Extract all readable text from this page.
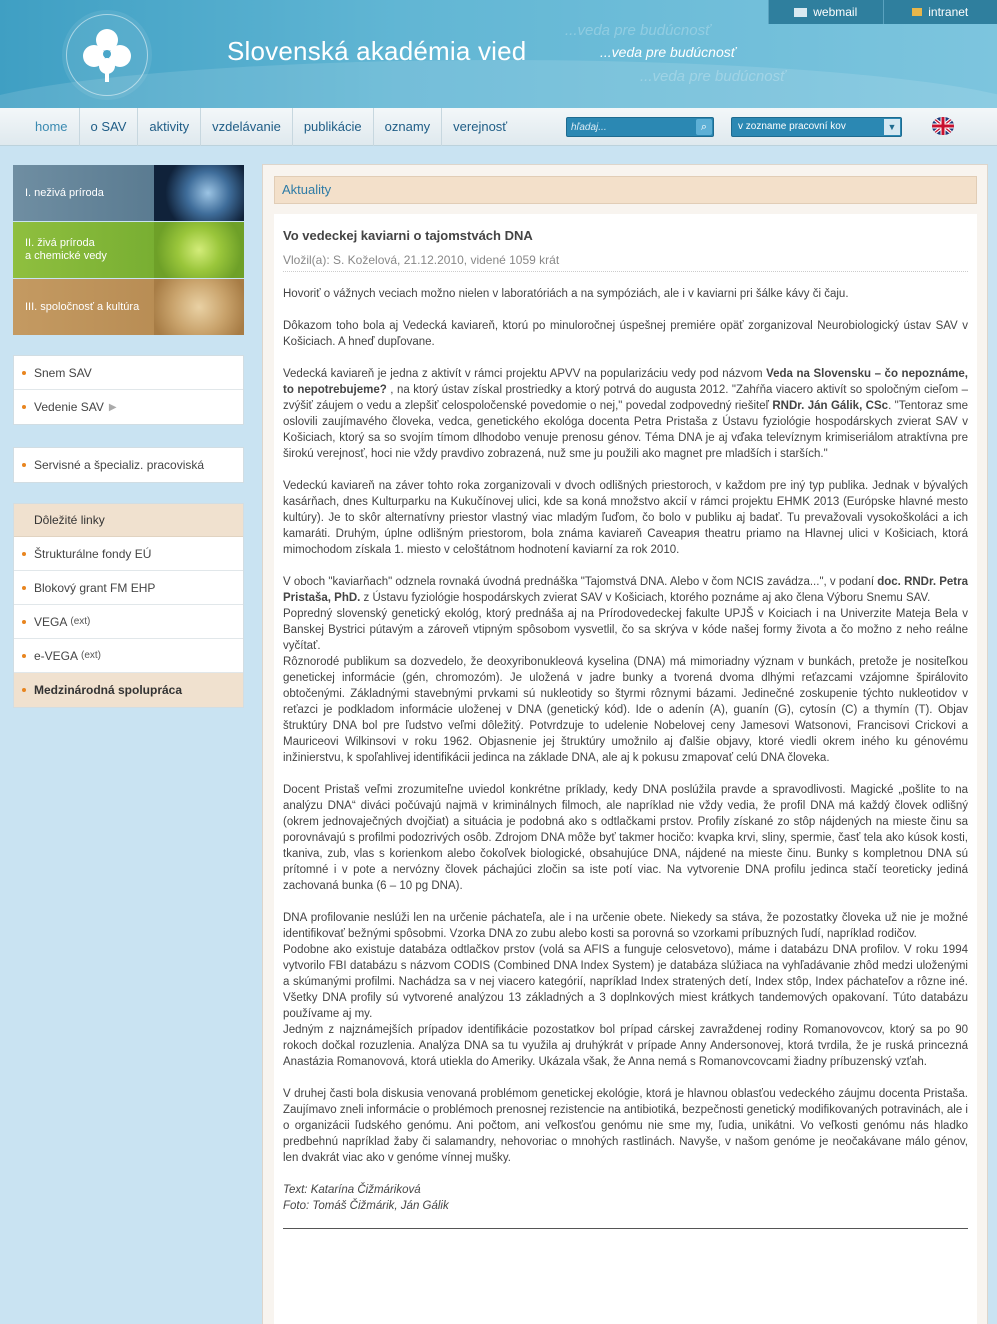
Slovenská akadémia vied
...veda pre budúcnosť
...veda pre budúcnosť
...veda pre budúcnosť
webmail	intranet
home	o SAV	aktivity	vzdelávanie	publikácie	oznamy	verejnosť
hľadaj...	⌕	v zozname pracovní kov	▼
I. neživá príroda
II. živá príroda
a chemické vedy
III. spoločnosť a kultúra
Snem SAV
Vedenie SAV ▶
Servisné a špecializ. pracoviská
Dôležité linky
Štrukturálne fondy EÚ
Blokový grant FM EHP
VEGA (ext)
e-VEGA (ext)
Medzinárodná spolupráca
Aktuality
Vo vedeckej kaviarni o tajomstvách DNA
Vložil(a): S. Koželová, 21.12.2010, videné 1059 krát

Hovoriť o vážnych veciach možno nielen v laboratóriách a na sympóziách, ale i v kaviarni pri šálke kávy či čaju.

Dôkazom toho bola aj Vedecká kaviareň, ktorú po minuloročnej úspešnej premiére opäť zorganizoval Neurobiologický ústav SAV v Košiciach. A hneď dupľovane.

Vedecká kaviareň je jedna z aktivít v rámci projektu APVV na popularizáciu vedy pod názvom Veda na Slovensku – čo nepoznáme, to nepotrebujeme? , na ktorý ústav získal prostriedky a ktorý potrvá do augusta 2012. "Zahŕňa viacero aktivít so spoločným cieľom – zvýšiť záujem o vedu a zlepšiť celospoločenské povedomie o nej," povedal zodpovedný riešiteľ RNDr. Ján Gálik, CSc. "Tentoraz sme oslovili zaujímavého človeka, vedca, genetického ekológa docenta Petra Pristaša z Ústavu fyziológie hospodárskych zvierat SAV v Košiciach, ktorý sa so svojím tímom dlhodobo venuje prenosu génov. Téma DNA je aj vďaka televíznym krimiseriálom atraktívna pre širokú verejnosť, hoci nie vždy pravdivo zobrazená, nuž sme ju použili ako magnet pre mladších i starších."

Vedeckú kaviareň na záver tohto roka zorganizovali v dvoch odlišných priestoroch, v každom pre iný typ publika. Jednak v bývalých kasárňach, dnes Kulturparku na Kukučínovej ulici, kde sa koná množstvo akcií v rámci projektu EHMK 2013 (Európske hlavné mesto kultúry). Je to skôr alternatívny priestor vlastný viac mladým ľuďom, čo bolo v publiku aj badať. Tu prevažovali vysokoškoláci a ich kamaráti. Druhým, úplne odlišným priestorom, bola známa kaviareň Caveария theatru priamo na Hlavnej ulici v Košiciach, ktorá mimochodom získala 1. miesto v celoštátnom hodnotení kaviarní za rok 2010.

V oboch "kaviarňach" odznela rovnaká úvodná prednáška "Tajomstvá DNA. Alebo v čom NCIS zavádza...", v podaní doc. RNDr. Petra Pristaša, PhD. z Ústavu fyziológie hospodárskych zvierat SAV v Košiciach, ktorého poznáme aj ako člena Výboru Snemu SAV.

Popredný slovenský genetický ekológ, ktorý prednáša aj na Prírodovedeckej fakulte UPJŠ v Koiciach i na Univerzite Mateja Bela v Banskej Bystrici pútavým a zároveň vtipným spôsobom vysvetlil, čo sa skrýva v kóde našej formy života a čo možno z neho reálne vyčítať.

Rôznorodé publikum sa dozvedelo, že deoxyribonukleová kyselina (DNA) má mimoriadny význam v bunkách, pretože je nositeľkou genetickej informácie (gén, chromozóm). Je uložená v jadre bunky a tvorená dvoma dlhými reťazcami vzájomne špirálovito obtočenými. Základnými stavebnými prvkami sú nukleotidy so štyrmi rôznymi bázami. Jedinečné zoskupenie týchto nukleotidov v reťazci je podkladom informácie uloženej v DNA (genetický kód). Ide o adenín (A), guanín (G), cytosín (C) a thymín (T). Objav štruktúry DNA bol pre ľudstvo veľmi dôležitý. Potvrdzuje to udelenie Nobelovej ceny Jamesovi Watsonovi, Francisovi Crickovi a Mauriceovi Wilkinsovi v roku 1962. Objasnenie jej štruktúry umožnilo aj ďalšie objavy, ktoré viedli okrem iného ku génovému inžinierstvu, k spoľahlivej identifikácii jedinca na základe DNA, ale aj k pokusu zmapovať celú DNA človeka.

Docent Pristaš veľmi zrozumiteľne uviedol konkrétne príklady, kedy DNA poslúžila pravde a spravodlivosti. Magické „pošlite to na analýzu DNA“ diváci počúvajú najmä v kriminálnych filmoch, ale napríklad nie vždy vedia, že profil DNA má každý človek odlišný (okrem jednovaječných dvojčiat) a situácia je podobná ako s odtlačkami prstov. Profily získané zo stôp nájdených na mieste činu sa porovnávajú s profilmi podozrivých osôb. Zdrojom DNA môže byť takmer hocičo: kvapka krvi, sliny, spermie, časť tela ako kúsok kosti, tkaniva, zub, vlas s korienkom alebo čokoľvek biologické, obsahujúce DNA, nájdené na mieste činu. Bunky s kompletnou DNA sú prítomné i v pote a nervózny človek páchajúci zločin sa iste potí viac. Na vytvorenie DNA profilu jedinca stačí teoreticky jediná zachovaná bunka (6 – 10 pg DNA).

DNA profilovanie neslúži len na určenie páchateľa, ale i na určenie obete. Niekedy sa stáva, že pozostatky človeka už nie je možné identifikovať bežnými spôsobmi. Vzorka DNA zo zubu alebo kosti sa porovná so vzorkami príbuzných ľudí, napríklad rodičov.

Podobne ako existuje databáza odtlačkov prstov (volá sa AFIS a funguje celosvetovo), máme i databázu DNA profilov. V roku 1994 vytvorilo FBI databázu s názvom CODIS (Combined DNA Index System) je databáza slúžiaca na vyhľadávanie zhôd medzi uloženými a skúmanými profilmi. Nachádza sa v nej viacero kategórií, napríklad Index stratených detí, Index stôp, Index páchateľov a rôzne iné. Všetky DNA profily sú vytvorené analýzou 13 základných a 3 doplnkových miest krátkych tandemových opakovaní. Túto databázu používame aj my.

Jedným z najznámejších prípadov identifikácie pozostatkov bol prípad cárskej zavraždenej rodiny Romanovovcov, ktorý sa po 90 rokoch dočkal rozuzlenia. Analýza DNA sa tu využila aj druhýkrát v prípade Anny Andersonovej, ktorá tvrdila, že je ruská princezná Anastázia Romanovová, ktorá utiekla do Ameriky. Ukázala však, že Anna nemá s Romanovcovcami žiadny príbuzenský vzťah.

V druhej časti bola diskusia venovaná problémom genetickej ekológie, ktorá je hlavnou oblasťou vedeckého záujmu docenta Pristaša. Zaujímavo zneli informácie o problémoch prenosnej rezistencie na antibiotiká, bezpečnosti genetický modifikovaných potravinách, ale i o organizácii ľudského genómu. Ani počtom, ani veľkosťou genómu nie sme my, ľudia, unikátni. Vo veľkosti genómu nás hladko predbehnú napríklad žaby či salamandry, nehovoriac o mnohých rastlinách. Navyše, v našom genóme je neočakávane málo génov, len dvakrát viac ako v genóme vínnej mušky.

Text: Katarína Čižmáriková
Foto: Tomáš Čižmárik, Ján Gálik
